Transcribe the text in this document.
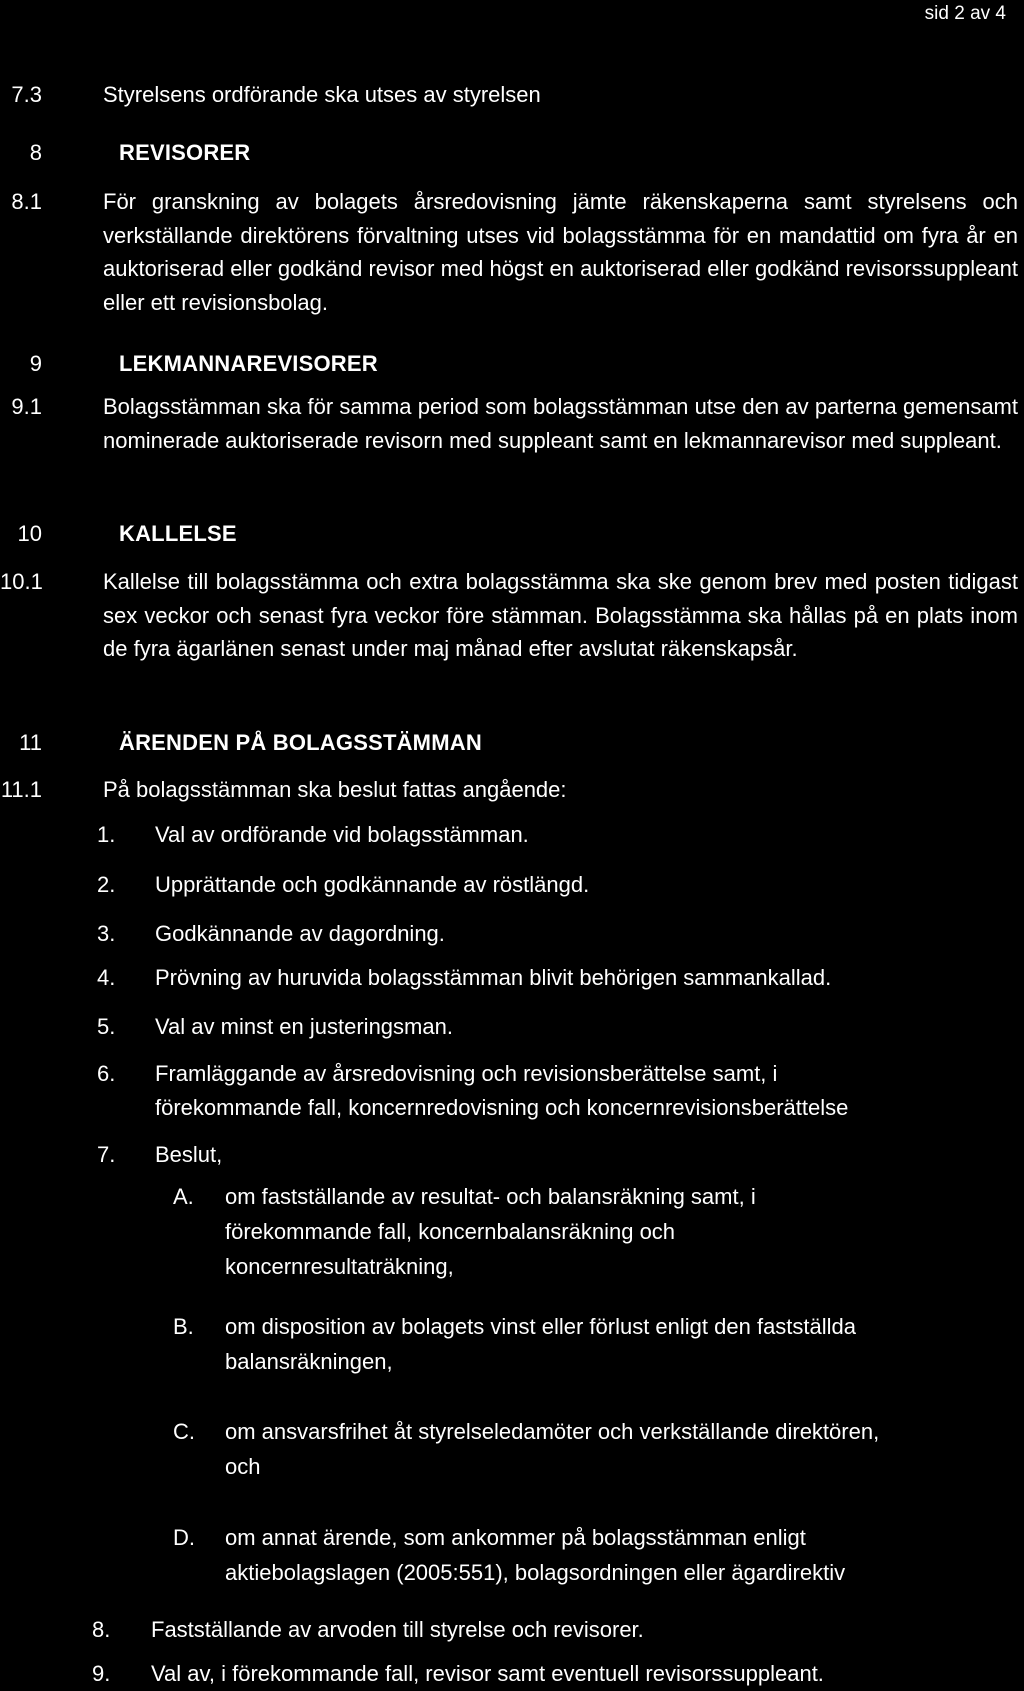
sid 2 av 4
7.3	Styrelsens ordförande ska utses av styrelsen
8	REVISORER
8.1	För granskning av bolagets årsredovisning jämte räkenskaperna samt styrelsens och verkställande direktörens förvaltning utses vid bolagsstämma för en mandattid om fyra år en auktoriserad eller godkänd revisor med högst en auktoriserad eller godkänd revisorssuppleant eller ett revisionsbolag.
9	LEKMANNAREVISORER
9.1	Bolagsstämman ska för samma period som bolagsstämman utse den av parterna gemensamt nominerade auktoriserade revisorn med suppleant samt en lekmannarevisor med suppleant.
10	KALLELSE
10.1	Kallelse till bolagsstämma och extra bolagsstämma ska ske genom brev med posten tidigast sex veckor och senast fyra veckor före stämman. Bolagsstämma ska hållas på en plats inom de fyra ägarlänen senast under maj månad efter avslutat räkenskapsår.
11	ÄRENDEN PÅ BOLAGSSTÄMMAN
11.1	På bolagsstämman ska beslut fattas angående:
1. Val av ordförande vid bolagsstämman.
2. Upprättande och godkännande av röstlängd.
3. Godkännande av dagordning.
4. Prövning av huruvida bolagsstämman blivit behörigen sammankallad.
5. Val av minst en justeringsman.
6. Framläggande av årsredovisning och revisionsberättelse samt, i
förekommande fall, koncernredovisning och koncernrevisionsberättelse
7. Beslut,
A. om fastställande av resultat- och balansräkning samt, i
förekommande fall, koncernbalansräkning och
koncernresultaträkning,
B. om disposition av bolagets vinst eller förlust enligt den fastställda
balansräkningen,
C. om ansvarsfrihet åt styrelseledamöter och verkställande direktören,
och
D. om annat ärende, som ankommer på bolagsstämman enligt
aktiebolagslagen (2005:551), bolagsordningen eller ägardirektiv
8. Fastställande av arvoden till styrelse och revisorer.
9. Val av, i förekommande fall, revisor samt eventuell revisorssuppleant.
